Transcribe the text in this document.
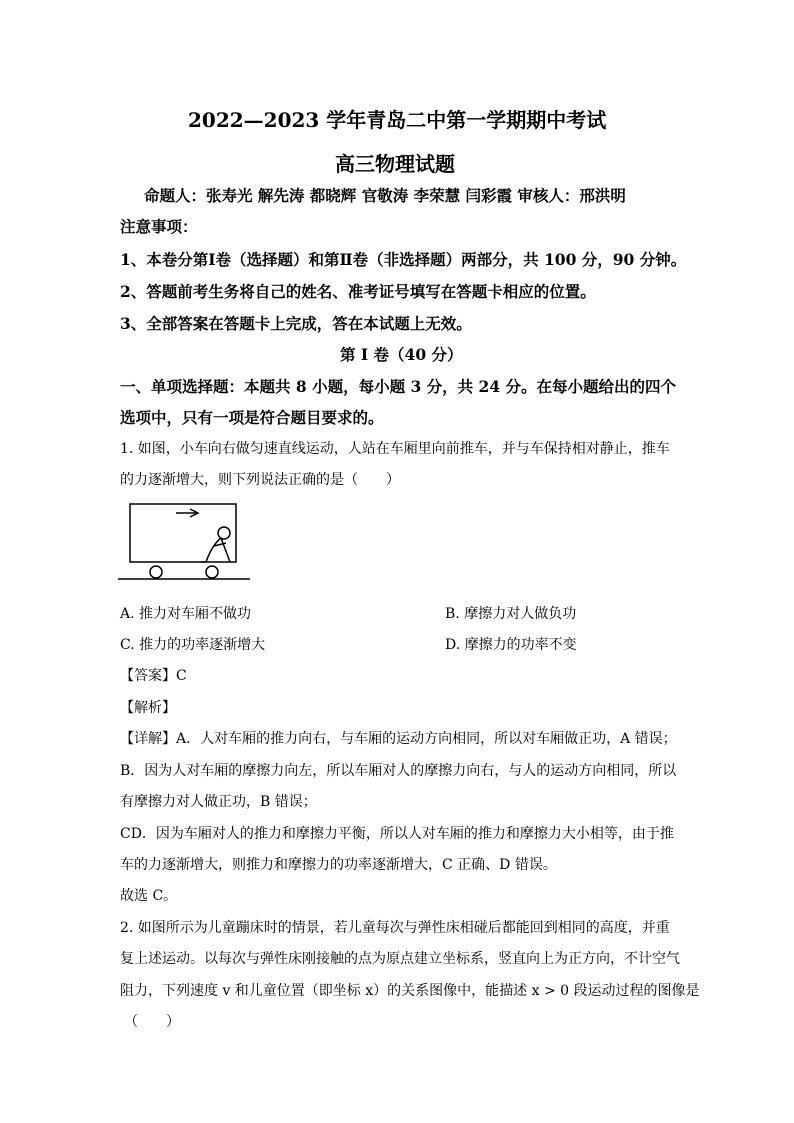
2022—2023 学年青岛二中第一学期期中考试
高三物理试题
命题人：张寿光 解先涛 都晓辉 官敬涛 李荣慧 闫彩霞 审核人：邢洪明
注意事项：
1、本卷分第Ⅰ卷（选择题）和第Ⅱ卷（非选择题）两部分，共 100 分，90 分钟。
2、答题前考生务将自己的姓名、准考证号填写在答题卡相应的位置。
3、全部答案在答题卡上完成，答在本试题上无效。
第 I 卷（40 分）
一、单项选择题：本题共 8 小题，每小题 3 分，共 24 分。在每小题给出的四个
选项中，只有一项是符合题目要求的。
1. 如图，小车向右做匀速直线运动，人站在车厢里向前推车，并与车保持相对静止，推车
的力逐渐增大，则下列说法正确的是（　　）
A. 推力对车厢不做功	B. 摩擦力对人做负功
C. 推力的功率逐渐增大	D. 摩擦力的功率不变
【答案】C
【解析】
【详解】A．人对车厢的推力向右，与车厢的运动方向相同，所以对车厢做正功，A 错误；
B．因为人对车厢的摩擦力向左，所以车厢对人的摩擦力向右，与人的运动方向相同，所以
有摩擦力对人做正功，B 错误；
CD．因为车厢对人的推力和摩擦力平衡，所以人对车厢的推力和摩擦力大小相等，由于推
车的力逐渐增大，则推力和摩擦力的功率逐渐增大，C 正确、D 错误。
故选 C。
2. 如图所示为儿童蹦床时的情景，若儿童每次与弹性床相碰后都能回到相同的高度，并重
复上述运动。以每次与弹性床刚接触的点为原点建立坐标系，竖直向上为正方向，不计空气
阻力，下列速度 v 和儿童位置（即坐标 x）的关系图像中，能描述 x > 0 段运动过程的图像是
（　　）
